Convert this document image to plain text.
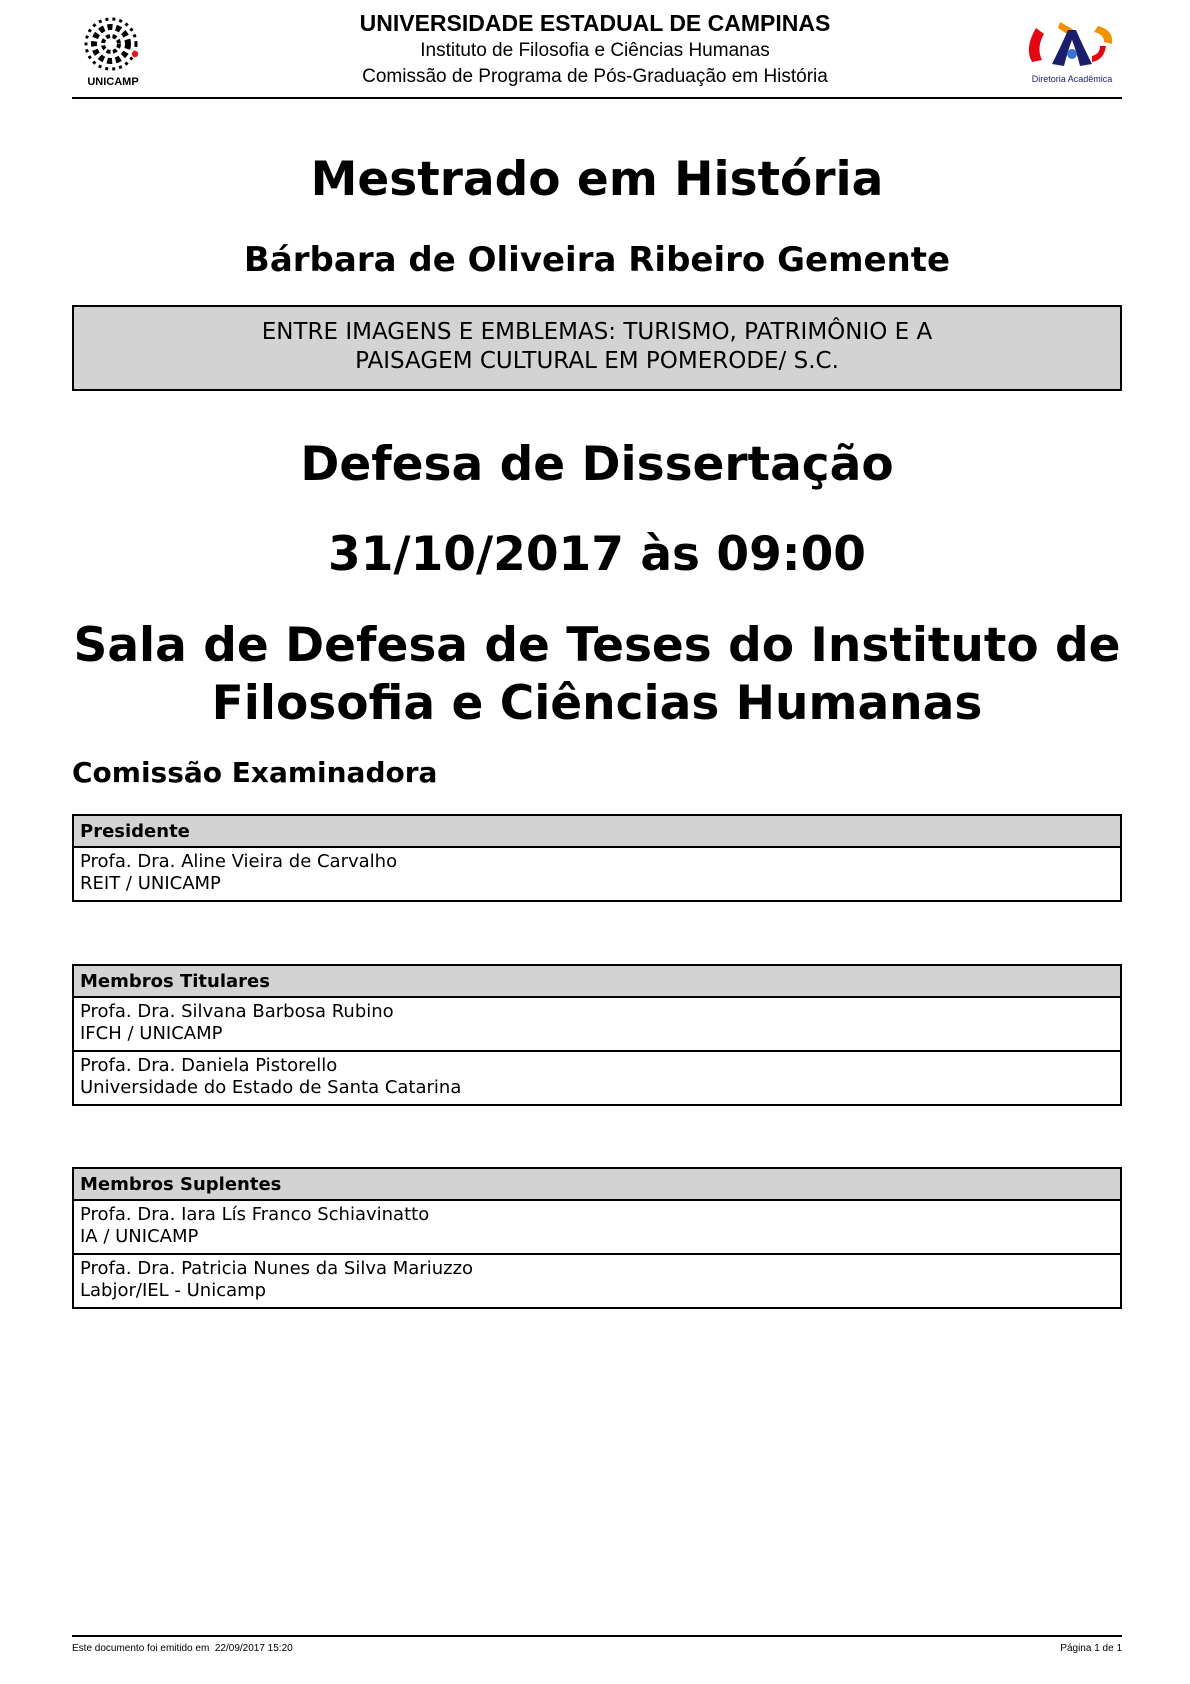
UNICAMP	Diretoria Acadêmica
UNIVERSIDADE ESTADUAL DE CAMPINAS
Instituto de Filosofia e Ciências Humanas
Comissão de Programa de Pós-Graduação em História
Mestrado em História
Bárbara de Oliveira Ribeiro Gemente
ENTRE IMAGENS E EMBLEMAS: TURISMO, PATRIMÔNIO E A
PAISAGEM CULTURAL EM POMERODE/ S.C.
Defesa de Dissertação
31/10/2017 às 09:00
Sala de Defesa de Teses do Instituto de
Filosofia e Ciências Humanas
Comissão Examinadora
Presidente

Profa. Dra. Aline Vieira de Carvalho
REIT / UNICAMP
Membros Titulares

Profa. Dra. Silvana Barbosa Rubino
IFCH / UNICAMP

Profa. Dra. Daniela Pistorello
Universidade do Estado de Santa Catarina
Membros Suplentes

Profa. Dra. Iara Lís Franco Schiavinatto
IA / UNICAMP

Profa. Dra. Patricia Nunes da Silva Mariuzzo
Labjor/IEL - Unicamp
Este documento foi emitido em 22/09/2017 15:20	Página 1 de 1
